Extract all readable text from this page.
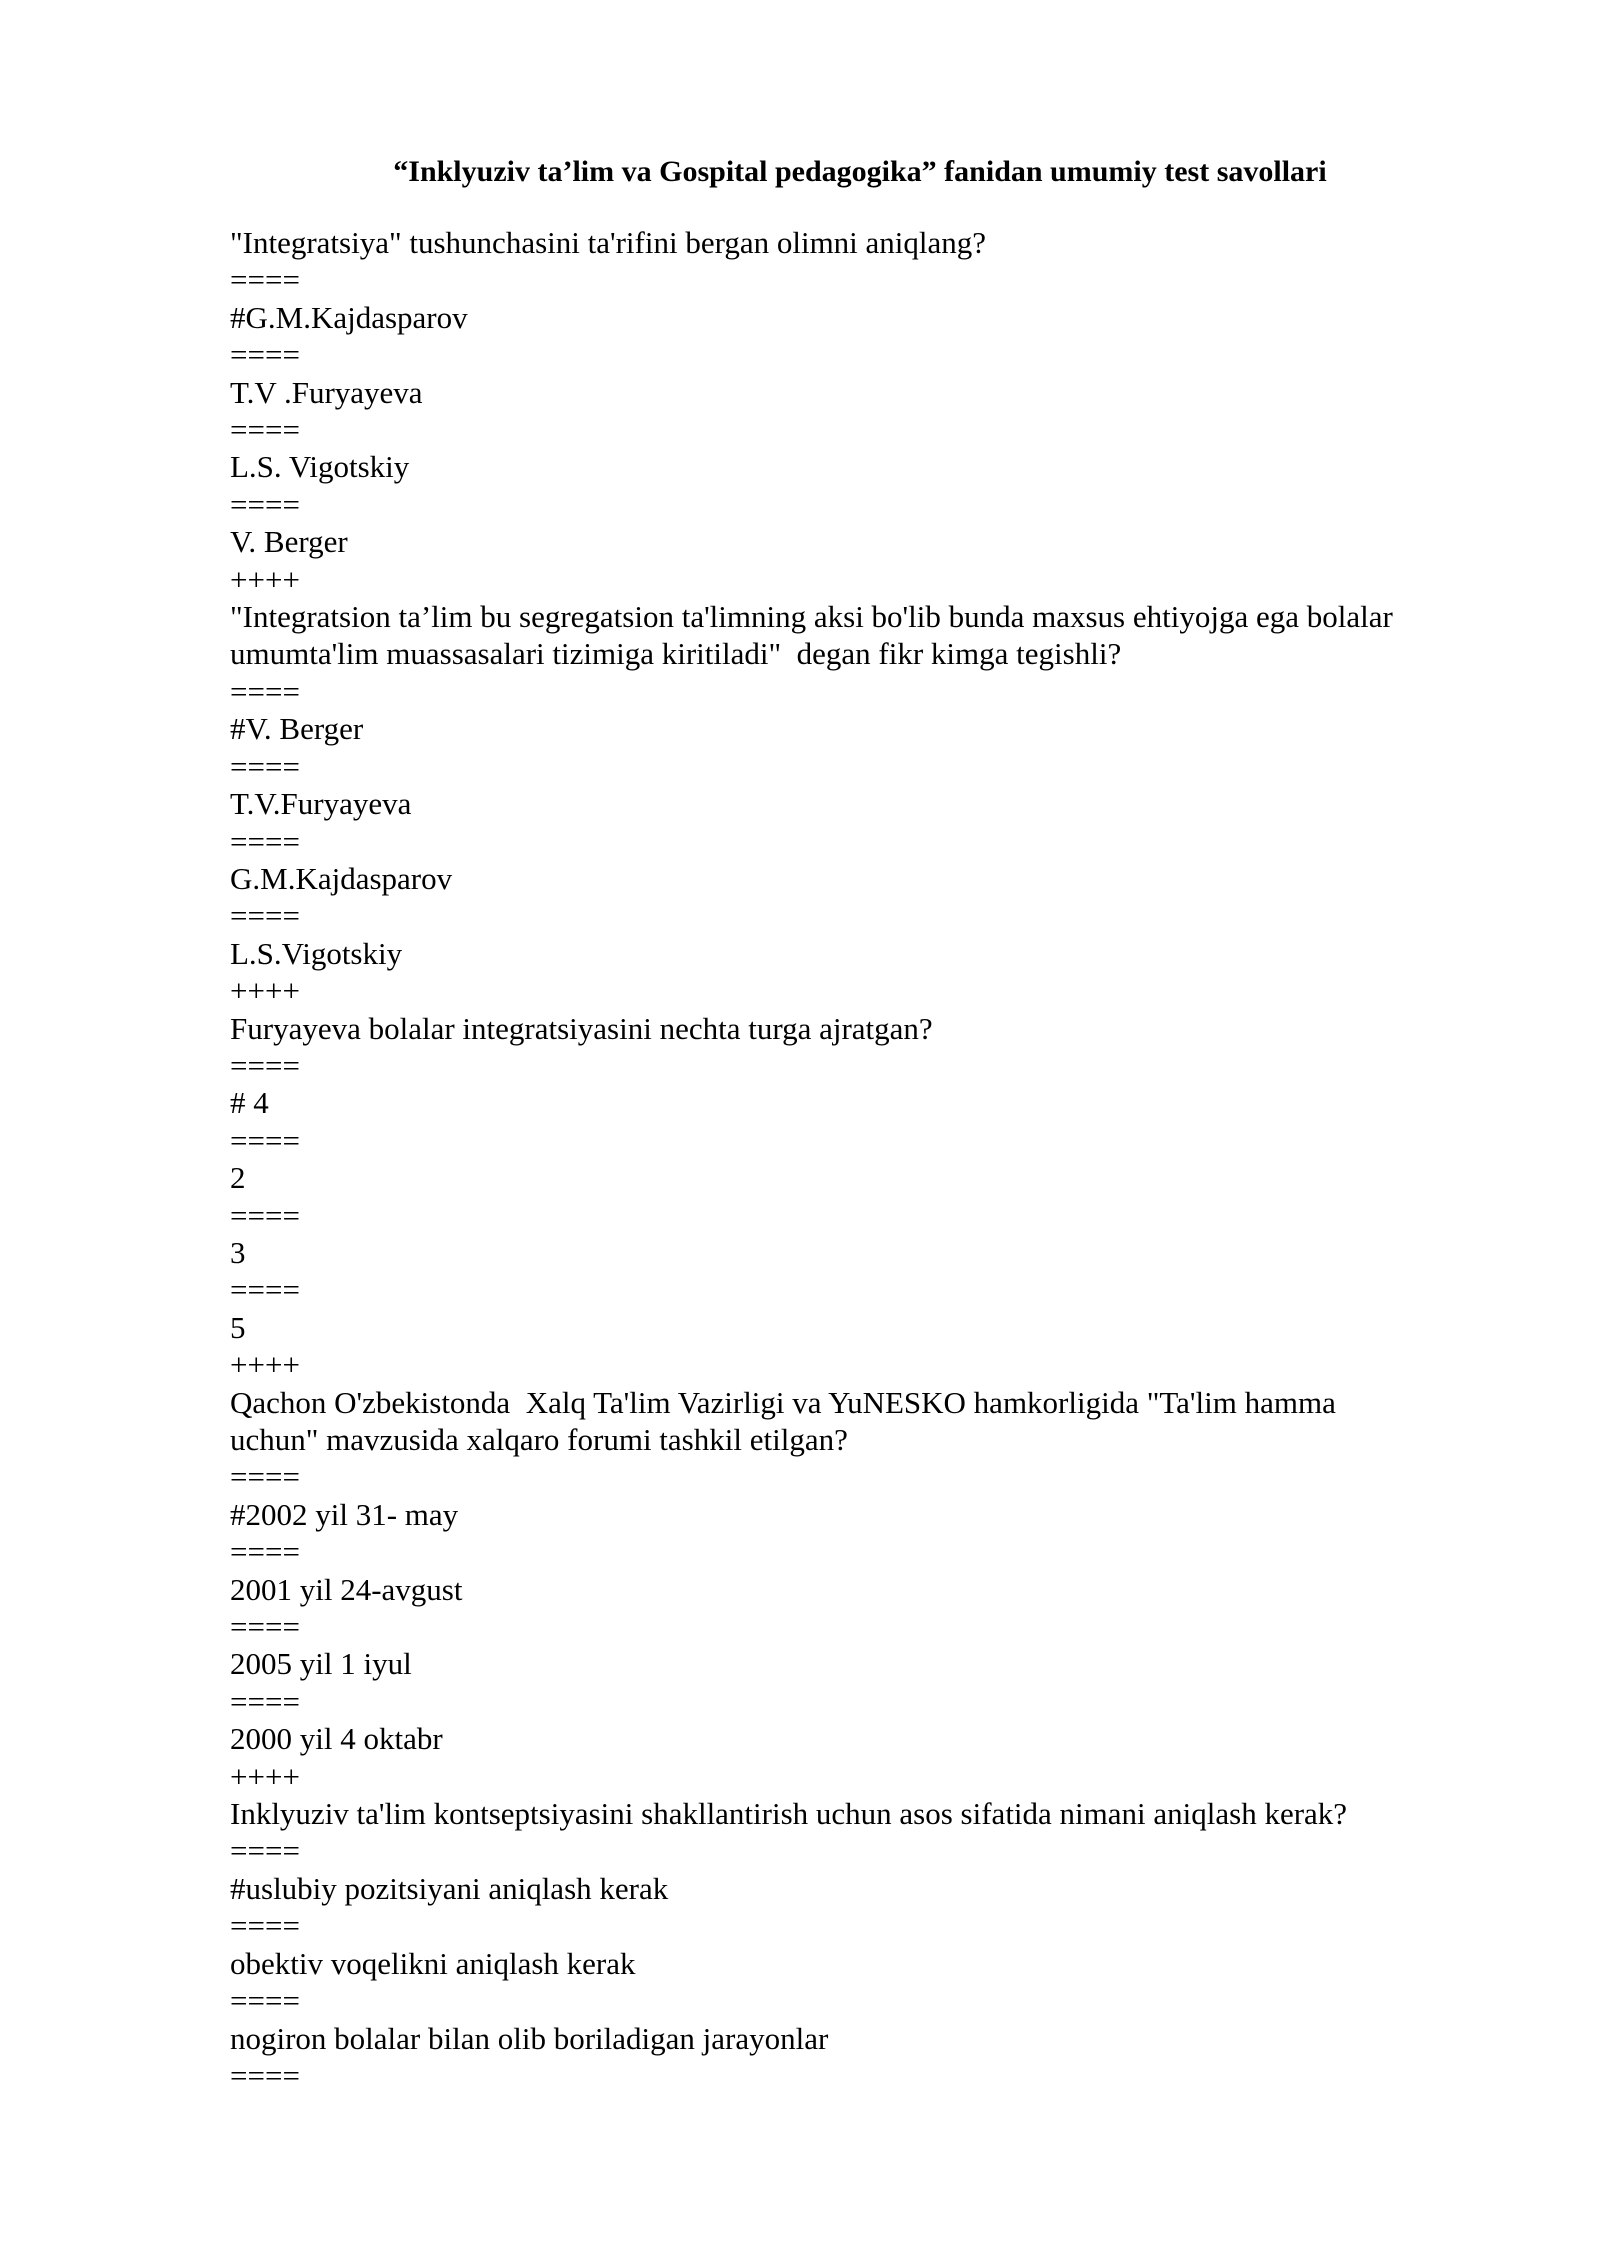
“Inklyuziv ta’lim va Gospital pedagogika” fanidan umumiy test savollari
"Integratsiya" tushunchasini ta'rifini bergan olimni aniqlang?
====
#G.M.Kajdasparov
====
T.V .Furyayeva
====
L.S. Vigotskiy
====
V. Berger
++++
"Integratsion ta’lim bu segregatsion ta'limning aksi bo'lib bunda maxsus ehtiyojga ega bolalar
umumta'lim muassasalari tizimiga kiritiladi"  degan fikr kimga tegishli?
====
#V. Berger
====
T.V.Furyayeva
====
G.M.Kajdasparov
====
L.S.Vigotskiy
++++
Furyayeva bolalar integratsiyasini nechta turga ajratgan?
====
# 4
====
2
====
3
====
5
++++
Qachon O'zbekistonda  Xalq Ta'lim Vazirligi va YuNESKO hamkorligida "Ta'lim hamma
uchun" mavzusida xalqaro forumi tashkil etilgan?
====
#2002 yil 31- may
====
2001 yil 24-avgust
====
2005 yil 1 iyul
====
2000 yil 4 oktabr
++++
Inklyuziv ta'lim kontseptsiyasini shakllantirish uchun asos sifatida nimani aniqlash kerak?
====
#uslubiy pozitsiyani aniqlash kerak
====
obektiv voqelikni aniqlash kerak
====
nogiron bolalar bilan olib boriladigan jarayonlar
====
